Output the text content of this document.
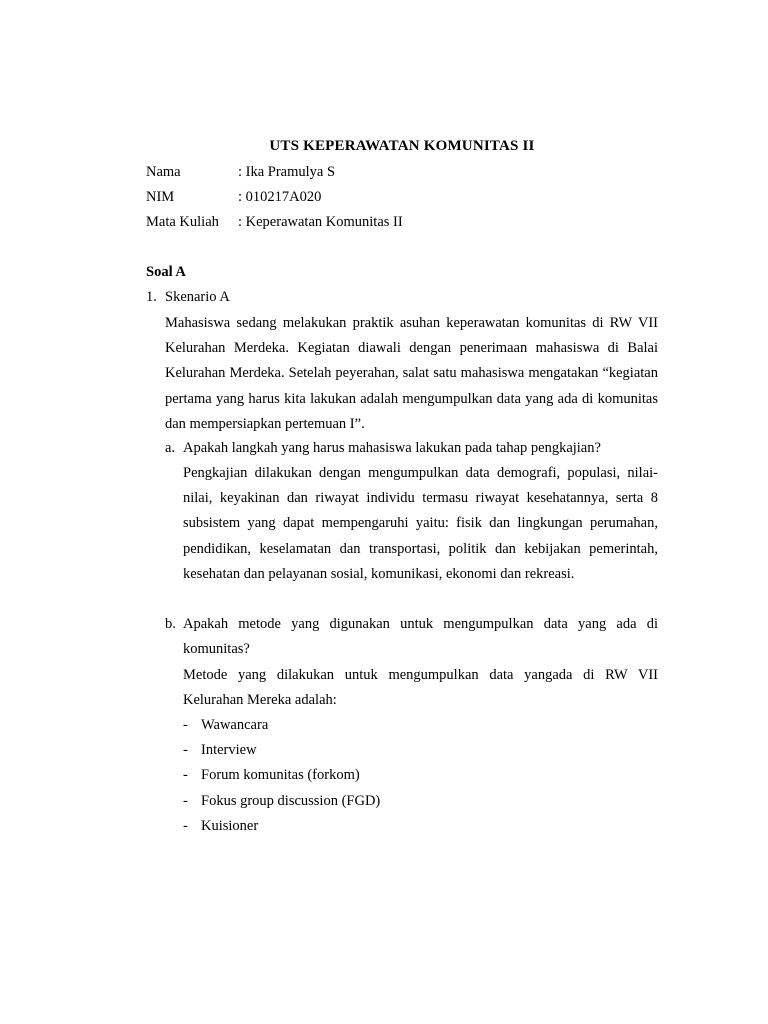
UTS KEPERAWATAN KOMUNITAS II
Nama	: Ika Pramulya S
NIM	: 010217A020
Mata Kuliah : Keperawatan Komunitas II
Soal A
1. Skenario A
Mahasiswa sedang melakukan praktik asuhan keperawatan komunitas di RW VII Kelurahan Merdeka. Kegiatan diawali dengan penerimaan mahasiswa di Balai Kelurahan Merdeka. Setelah peyerahan, salat satu mahasiswa mengatakan “kegiatan pertama yang harus kita lakukan adalah mengumpulkan data yang ada di komunitas dan mempersiapkan pertemuan I”.
a. Apakah langkah yang harus mahasiswa lakukan pada tahap pengkajian?
Pengkajian dilakukan dengan mengumpulkan data demografi, populasi, nilai-nilai, keyakinan dan riwayat individu termasu riwayat kesehatannya, serta 8 subsistem yang dapat mempengaruhi yaitu: fisik dan lingkungan perumahan, pendidikan, keselamatan dan transportasi, politik dan kebijakan pemerintah, kesehatan dan pelayanan sosial, komunikasi, ekonomi dan rekreasi.
b. Apakah metode yang digunakan untuk mengumpulkan data yang ada di komunitas?
Metode yang dilakukan untuk mengumpulkan data yangada di RW VII Kelurahan Mereka adalah:
- Wawancara
- Interview
- Forum komunitas (forkom)
- Fokus group discussion (FGD)
- Kuisioner
